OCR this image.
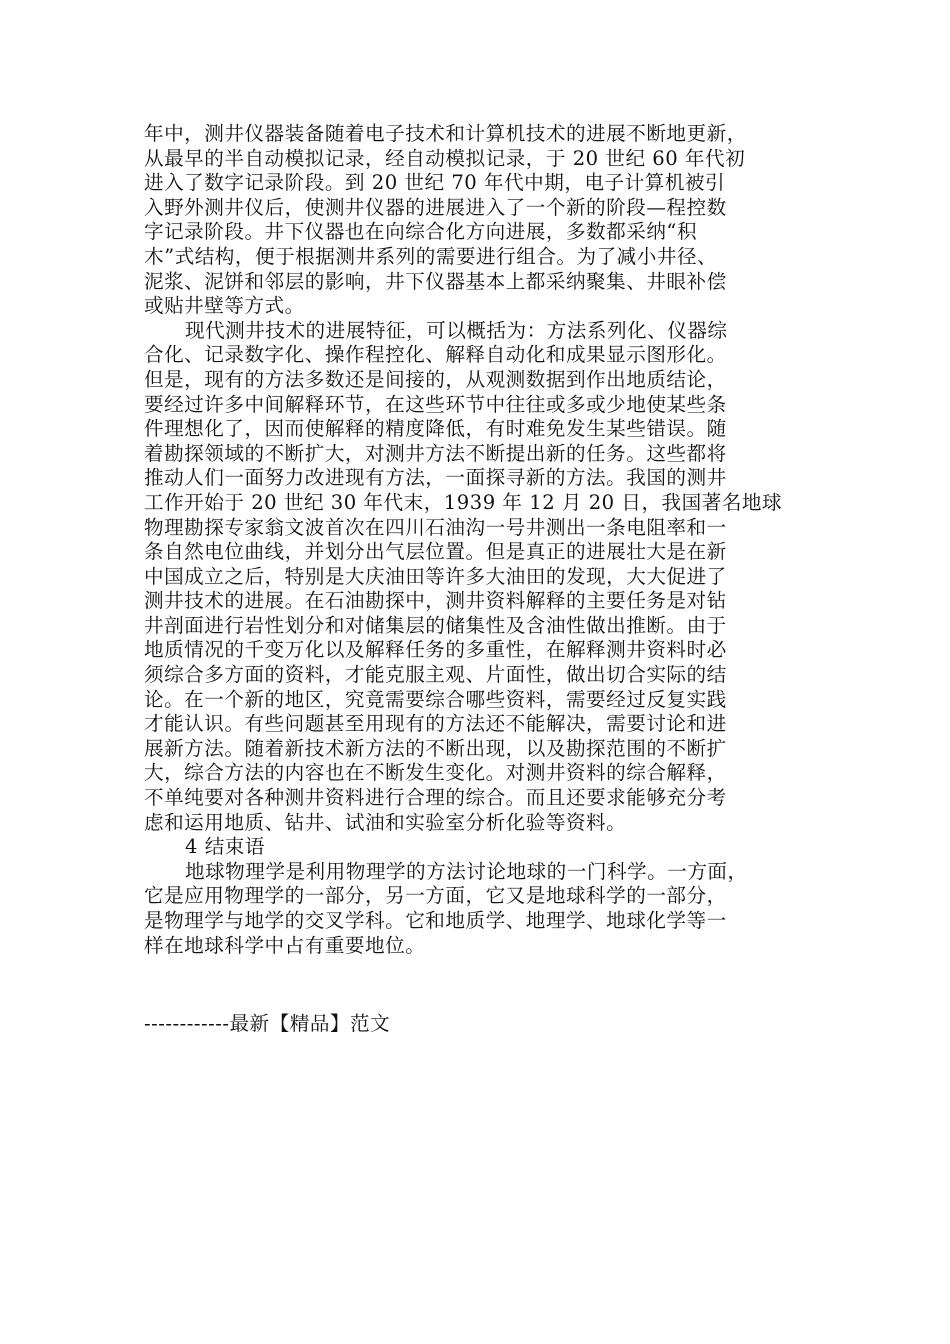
年中，测井仪器装备随着电子技术和计算机技术的进展不断地更新，
从最早的半自动模拟记录，经自动模拟记录，于 20 世纪 60 年代初
进入了数字记录阶段。到 20 世纪 70 年代中期，电子计算机被引
入野外测井仪后，使测井仪器的进展进入了一个新的阶段—程控数
字记录阶段。井下仪器也在向综合化方向进展，多数都采纳“积
木”式结构，便于根据测井系列的需要进行组合。为了减小井径、
泥浆、泥饼和邻层的影响，井下仪器基本上都采纳聚集、井眼补偿
或贴井壁等方式。
现代测井技术的进展特征，可以概括为：方法系列化、仪器综
合化、记录数字化、操作程控化、解释自动化和成果显示图形化。
但是，现有的方法多数还是间接的，从观测数据到作出地质结论，
要经过许多中间解释环节，在这些环节中往往或多或少地使某些条
件理想化了，因而使解释的精度降低，有时难免发生某些错误。随
着勘探领域的不断扩大，对测井方法不断提出新的任务。这些都将
推动人们一面努力改进现有方法，一面探寻新的方法。我国的测井
工作开始于 20 世纪 30 年代末，1939 年 12 月 20 日，我国著名地球
物理勘探专家翁文波首次在四川石油沟一号井测出一条电阻率和一
条自然电位曲线，并划分出气层位置。但是真正的进展壮大是在新
中国成立之后，特别是大庆油田等许多大油田的发现，大大促进了
测井技术的进展。在石油勘探中，测井资料解释的主要任务是对钻
井剖面进行岩性划分和对储集层的储集性及含油性做出推断。由于
地质情况的千变万化以及解释任务的多重性，在解释测井资料时必
须综合多方面的资料，才能克服主观、片面性，做出切合实际的结
论。在一个新的地区，究竟需要综合哪些资料，需要经过反复实践
才能认识。有些问题甚至用现有的方法还不能解决，需要讨论和进
展新方法。随着新技术新方法的不断出现，以及勘探范围的不断扩
大，综合方法的内容也在不断发生变化。对测井资料的综合解释，
不单纯要对各种测井资料进行合理的综合。而且还要求能够充分考
虑和运用地质、钻井、试油和实验室分析化验等资料。
4 结束语
地球物理学是利用物理学的方法讨论地球的一门科学。一方面，
它是应用物理学的一部分，另一方面，它又是地球科学的一部分，
是物理学与地学的交叉学科。它和地质学、地理学、地球化学等一
样在地球科学中占有重要地位。
------------最新【精品】范文
